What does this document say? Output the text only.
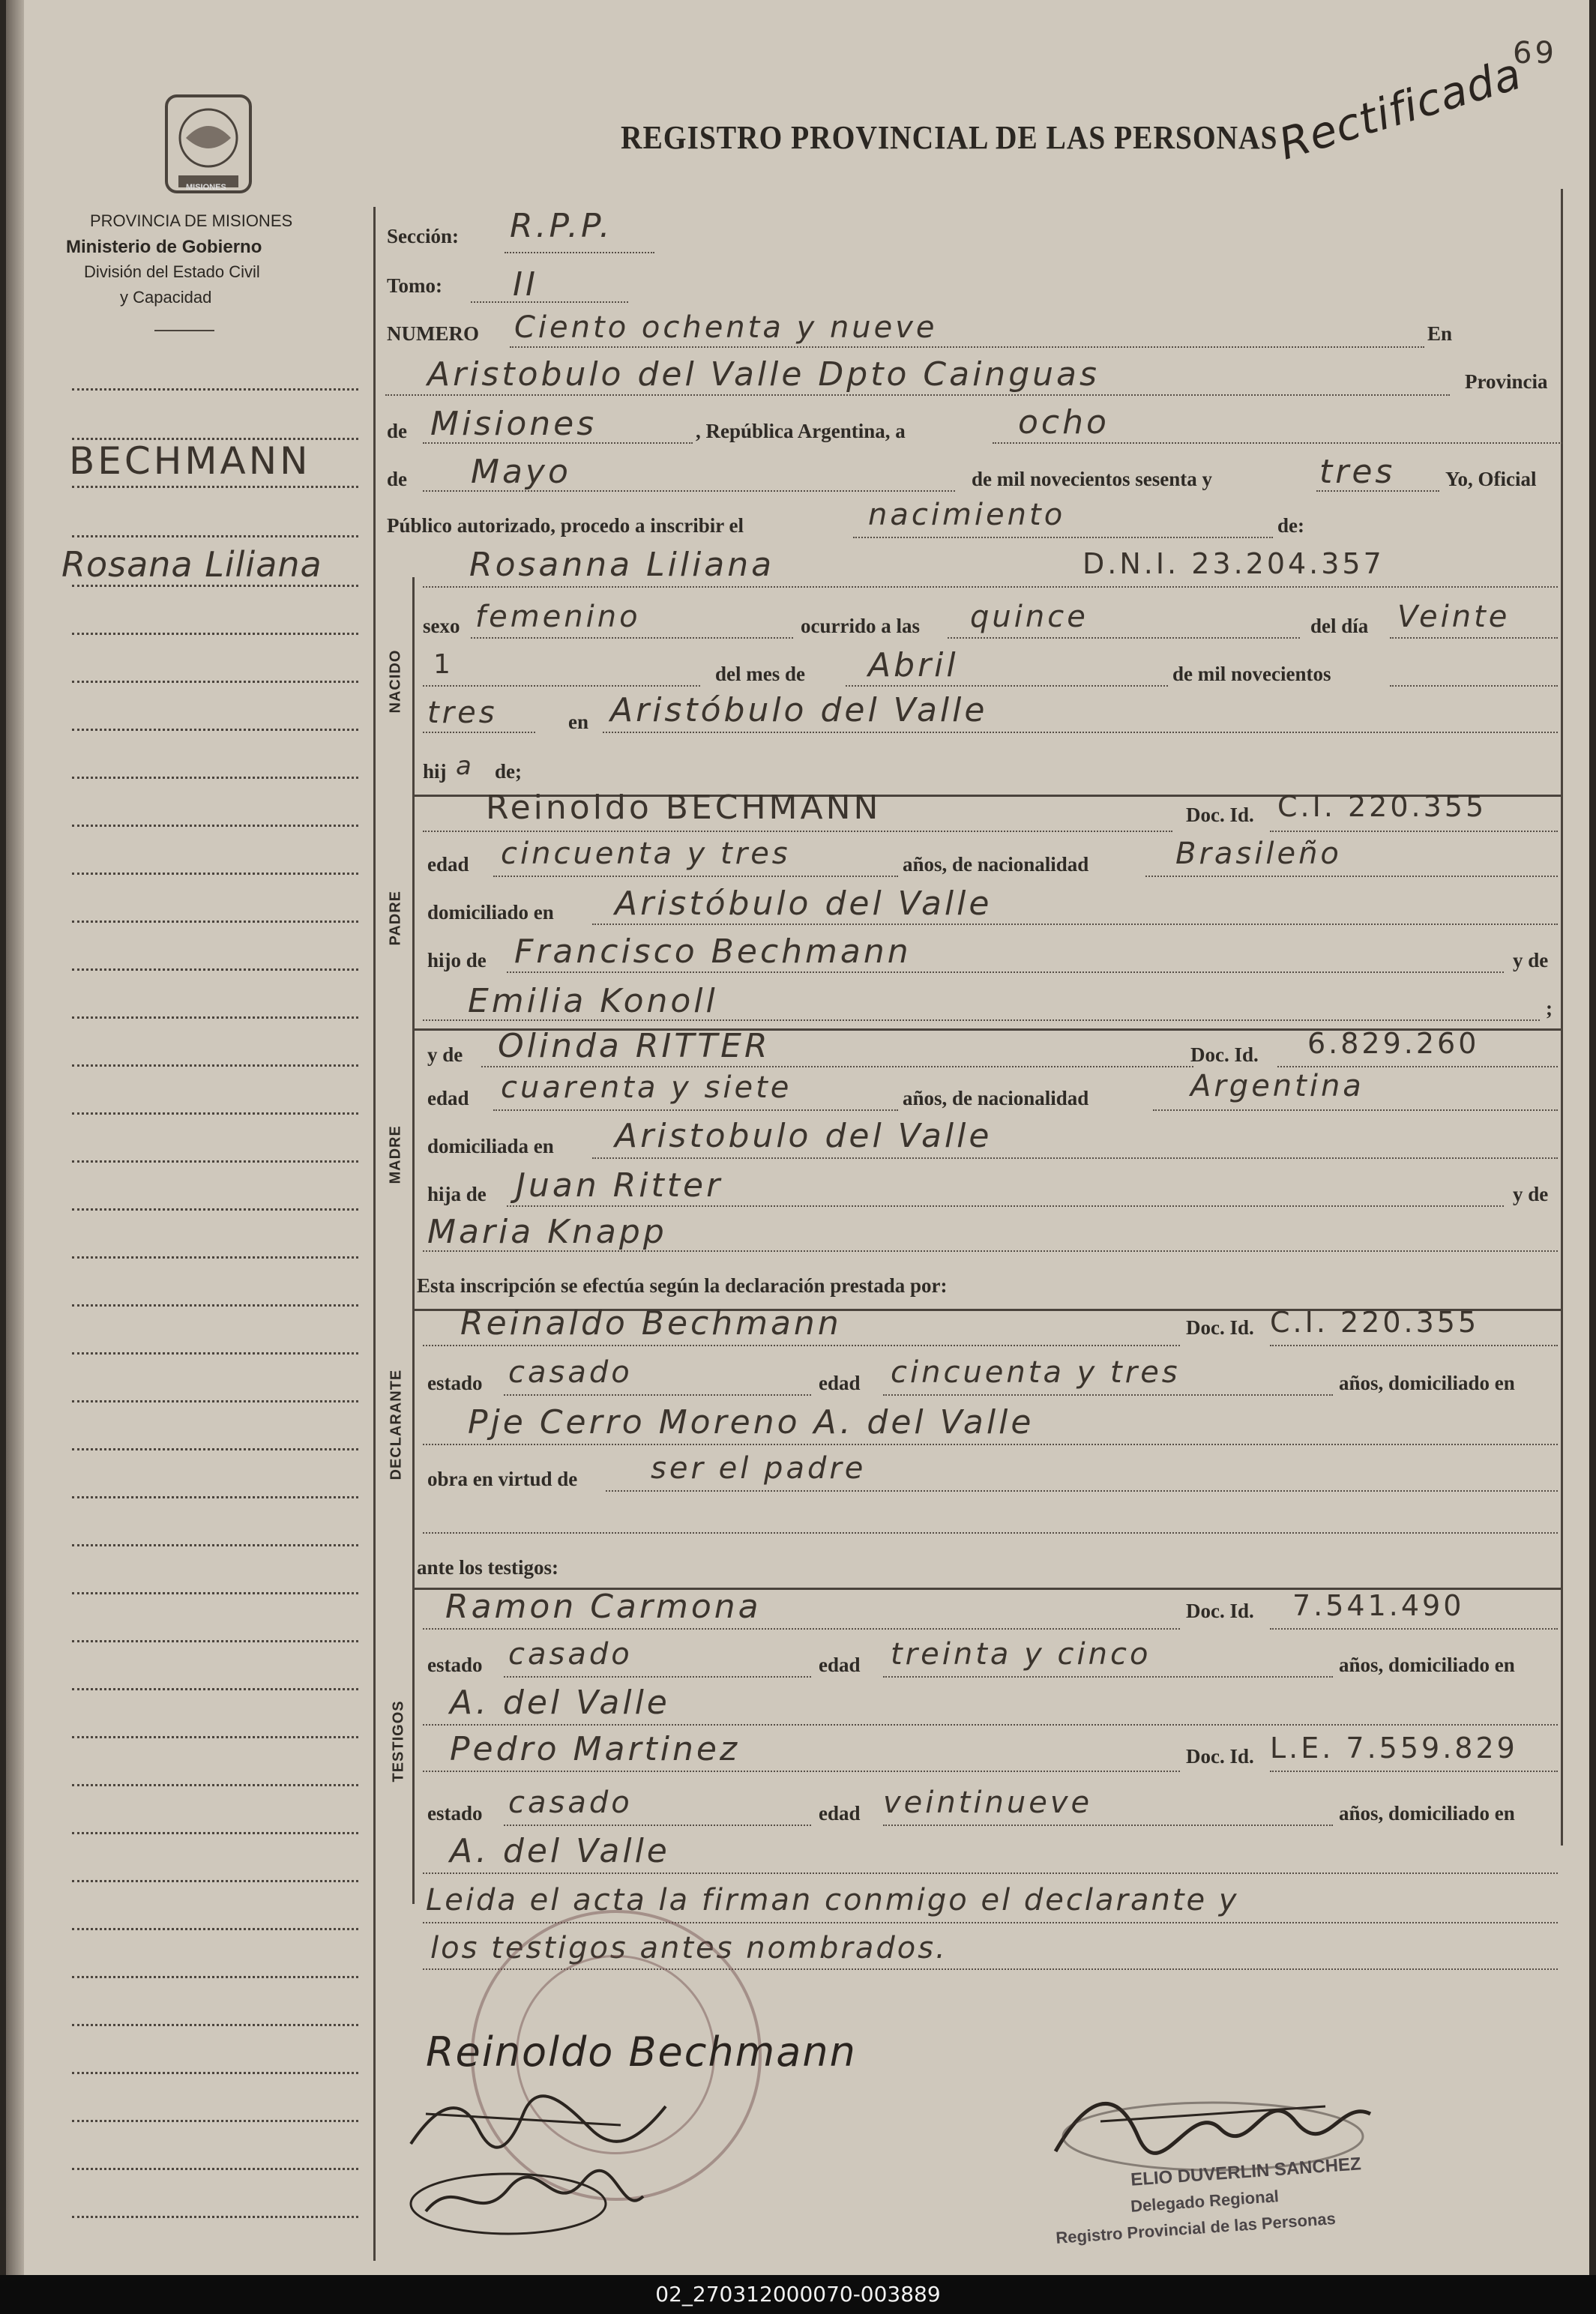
MISIONES
PROVINCIA DE MISIONES
Ministerio de Gobierno
División del Estado Civil
y Capacidad
BECHMANN
Rosana Liliana
REGISTRO PROVINCIAL DE LAS PERSONAS
69
Rectificada
Sección: R.P.P.
Tomo: II
NUMERO Ciento ochenta y nueve	En
Aristobulo del Valle Dpto Cainguas	Provincia
de Misiones	, República Argentina, a	ocho
de Mayo	de mil novecientos sesenta y	tres Yo, Oficial
Público autorizado, procedo a inscribir el	nacimiento	de:
NACIDO
Rosanna Liliana	D.N.I. 23.204.357
sexo femenino	ocurrido a las quince	del día Veinte
1	del mes de Abril	de mil novecientos
tres	en Aristóbulo del Valle
hij a de;
PADRE
Reinoldo BECHMANN	Doc. Id. C.I. 220.355
edad cincuenta y tres	años, de nacionalidad	Brasileño
domiciliado en Aristóbulo del Valle
hijo de Francisco Bechmann	y de
Emilia Konoll	;
MADRE
y de Olinda RITTER	Doc. Id. 6.829.260
edad cuarenta y siete	años, de nacionalidad	Argentina
domiciliada en Aristobulo del Valle
hija de Juan Ritter	y de
Maria Knapp
Esta inscripción se efectúa según la declaración prestada por:
DECLARANTE
Reinaldo Bechmann	Doc. Id. C.I. 220.355
estado casado	edad cincuenta y tres	años, domiciliado en
Pje Cerro Moreno A. del Valle
obra en virtud de ser el padre
ante los testigos:
TESTIGOS
Ramon Carmona	Doc. Id. 7.541.490
estado casado	edad treinta y cinco	años, domiciliado en
A. del Valle
Pedro Martinez	Doc. Id. L.E. 7.559.829
estado casado	edad veintinueve	años, domiciliado en
A. del Valle
Leida el acta la firman conmigo el declarante y
los testigos antes nombrados.
Reinoldo Bechmann
ELIO DUVERLIN SANCHEZ
Delegado Regional
Registro Provincial de las Personas
02_270312000070-003889
